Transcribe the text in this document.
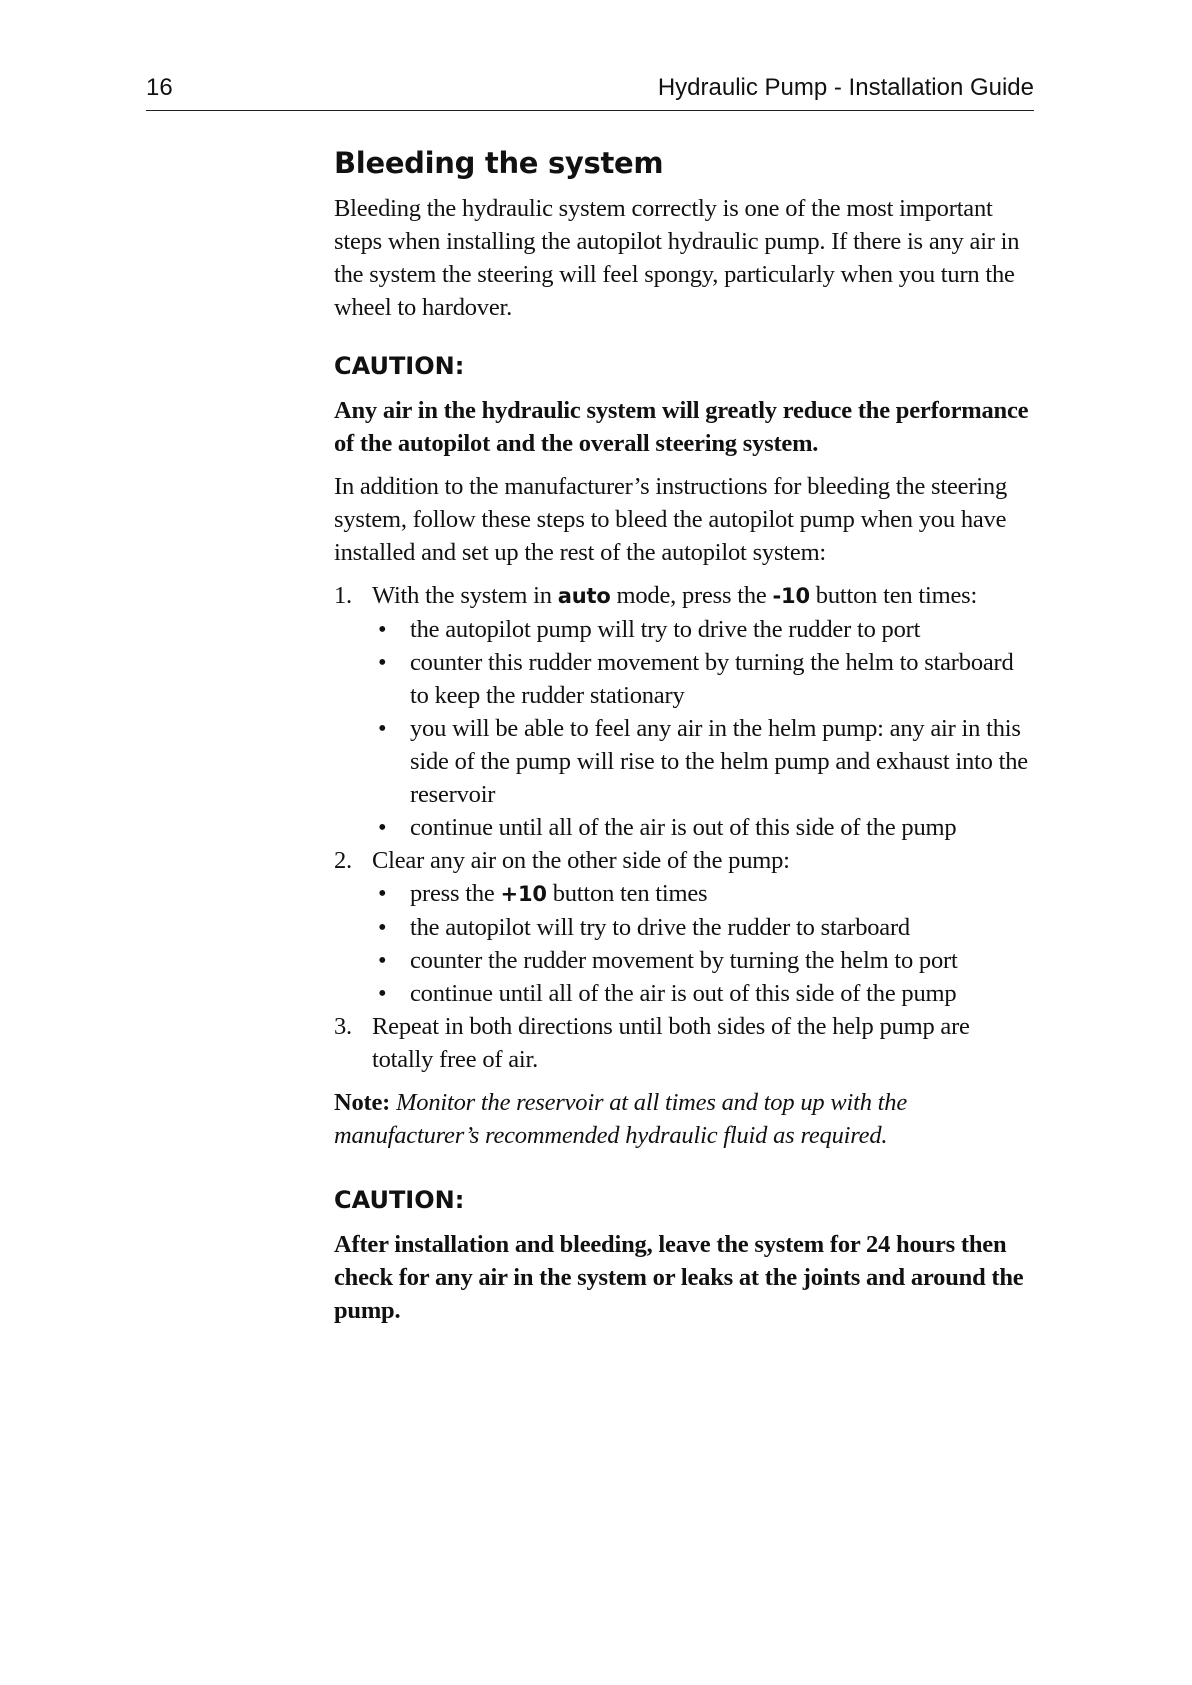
16	Hydraulic Pump - Installation Guide
Bleeding the system

Bleeding the hydraulic system correctly is one of the most important steps when installing the autopilot hydraulic pump. If there is any air in the system the steering will feel spongy, particularly when you turn the wheel to hardover.

CAUTION:

Any air in the hydraulic system will greatly reduce the performance of the autopilot and the overall steering system.

In addition to the manufacturer’s instructions for bleeding the steering system, follow these steps to bleed the autopilot pump when you have installed and set up the rest of the autopilot system:

1. With the system in auto mode, press the -10 button ten times:
• the autopilot pump will try to drive the rudder to port
• counter this rudder movement by turning the helm to starboard to keep the rudder stationary
• you will be able to feel any air in the helm pump: any air in this side of the pump will rise to the helm pump and exhaust into the reservoir
• continue until all of the air is out of this side of the pump
2. Clear any air on the other side of the pump:
• press the +10 button ten times
• the autopilot will try to drive the rudder to starboard
• counter the rudder movement by turning the helm to port
• continue until all of the air is out of this side of the pump
3. Repeat in both directions until both sides of the help pump are totally free of air.

Note: Monitor the reservoir at all times and top up with the manufacturer’s recommended hydraulic fluid as required.

CAUTION:

After installation and bleeding, leave the system for 24 hours then check for any air in the system or leaks at the joints and around the pump.
